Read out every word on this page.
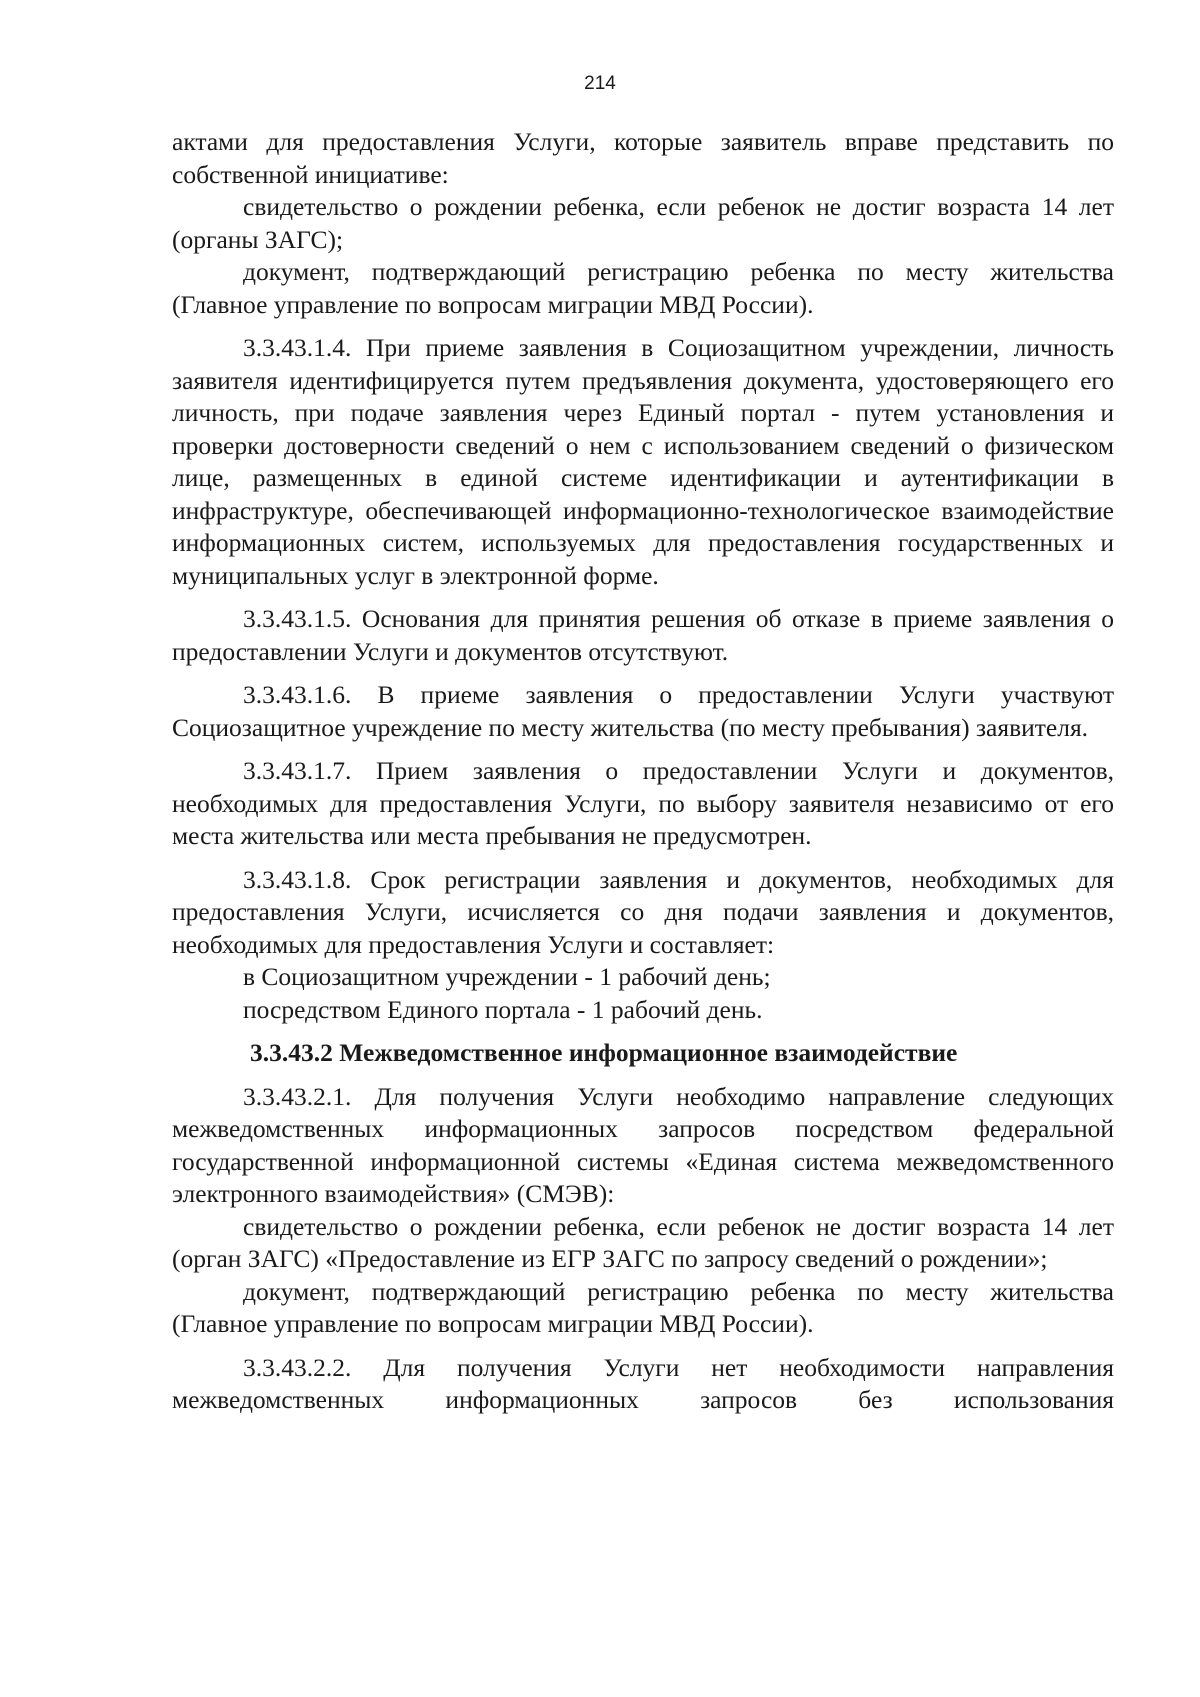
214

актами для предоставления Услуги, которые заявитель вправе представить по собственной инициативе:

свидетельство о рождении ребенка, если ребенок не достиг возраста 14 лет (органы ЗАГС);

документ, подтверждающий регистрацию ребенка по месту жительства (Главное управление по вопросам миграции МВД России).

3.3.43.1.4. При приеме заявления в Социозащитном учреждении, личность заявителя идентифицируется путем предъявления документа, удостоверяющего его личность, при подаче заявления через Единый портал - путем установления и проверки достоверности сведений о нем с использованием сведений о физическом лице, размещенных в единой системе идентификации и аутентификации в инфраструктуре, обеспечивающей информационно-технологическое взаимодействие информационных систем, используемых для предоставления государственных и муниципальных услуг в электронной форме.

3.3.43.1.5. Основания для принятия решения об отказе в приеме заявления о предоставлении Услуги и документов отсутствуют.

3.3.43.1.6. В приеме заявления о предоставлении Услуги участвуют Социозащитное учреждение по месту жительства (по месту пребывания) заявителя.

3.3.43.1.7. Прием заявления о предоставлении Услуги и документов, необходимых для предоставления Услуги, по выбору заявителя независимо от его места жительства или места пребывания не предусмотрен.

3.3.43.1.8. Срок регистрации заявления и документов, необходимых для предоставления Услуги, исчисляется со дня подачи заявления и документов, необходимых для предоставления Услуги и составляет:

в Социозащитном учреждении - 1 рабочий день;

посредством Единого портала - 1 рабочий день.

3.3.43.2 Межведомственное информационное взаимодействие

3.3.43.2.1. Для получения Услуги необходимо направление следующих межведомственных информационных запросов посредством федеральной государственной информационной системы «Единая система межведомственного электронного взаимодействия» (СМЭВ):

свидетельство о рождении ребенка, если ребенок не достиг возраста 14 лет (орган ЗАГС) «Предоставление из ЕГР ЗАГС по запросу сведений о рождении»;

документ, подтверждающий регистрацию ребенка по месту жительства (Главное управление по вопросам миграции МВД России).

3.3.43.2.2. Для получения Услуги нет необходимости направления межведомственных информационных запросов без использования
